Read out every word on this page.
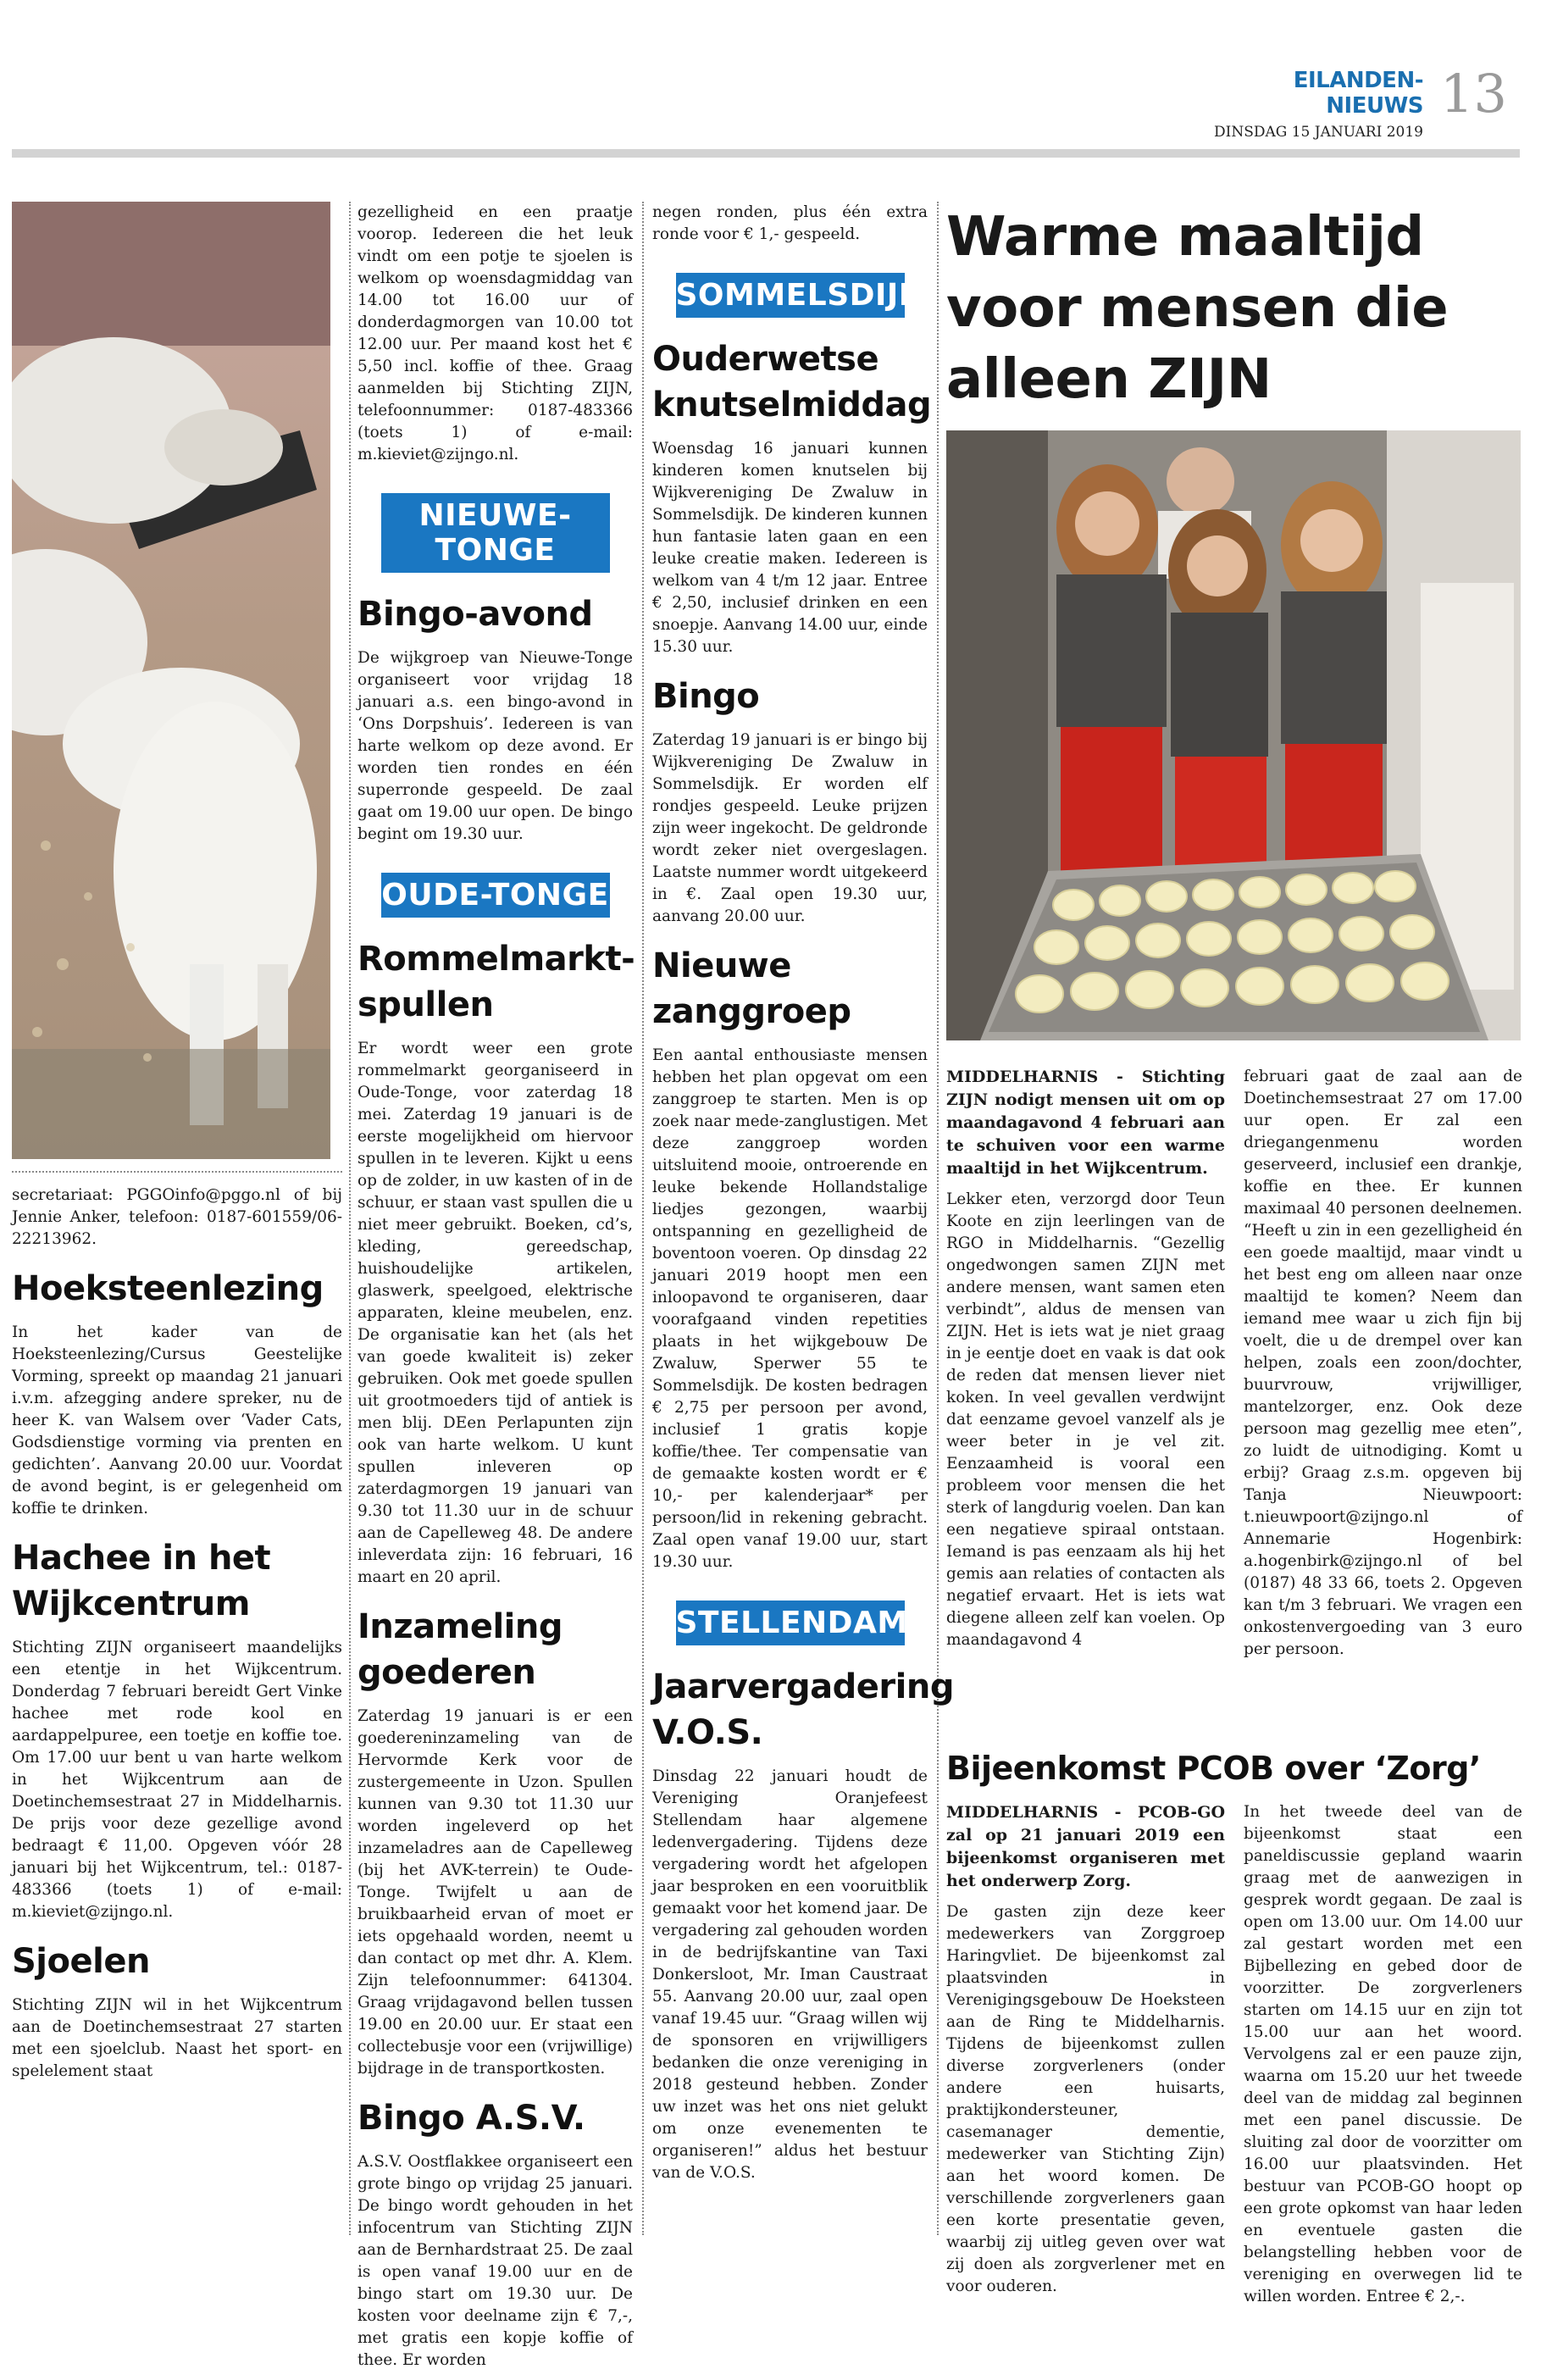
EILANDEN-NIEUWS
DINSDAG 15 JANUARI 2019
13

secretariaat: PGGOinfo@pggo.nl of bij Jennie Anker, telefoon: 0187-601559/06-22213962.

Hoeksteenlezing

In het kader van de Hoeksteenlezing/Cursus Geestelijke Vorming, spreekt op maandag 21 januari i.v.m. afzegging andere spreker, nu de heer K. van Walsem over ‘Vader Cats, Godsdienstige vorming via prenten en gedichten’. Aanvang 20.00 uur. Voordat de avond begint, is er gelegenheid om koffie te drinken.

Hachee in het Wijkcentrum

Stichting ZIJN organiseert maandelijks een etentje in het Wijkcentrum. Donderdag 7 februari bereidt Gert Vinke hachee met rode kool en aardappelpuree, een toetje en koffie toe. Om 17.00 uur bent u van harte welkom in het Wijkcentrum aan de Doetinchemsestraat 27 in Middelharnis. De prijs voor deze gezellige avond bedraagt € 11,00. Opgeven vóór 28 januari bij het Wijkcentrum, tel.: 0187- 483366 (toets 1) of e-mail: m.kieviet@zijngo.nl.

Sjoelen

Stichting ZIJN wil in het Wijkcentrum aan de Doetinchemsestraat 27 starten met een sjoelclub. Naast het sport- en spelelement staat

gezelligheid en een praatje voorop. Iedereen die het leuk vindt om een potje te sjoelen is welkom op woensdagmiddag van 14.00 tot 16.00 uur of donderdagmorgen van 10.00 tot 12.00 uur. Per maand kost het € 5,50 incl. koffie of thee. Graag aanmelden bij Stichting ZIJN, telefoonnummer: 0187-483366 (toets 1) of e-mail: m.kieviet@zijngo.nl.

NIEUWE-TONGE
Bingo-avond

De wijkgroep van Nieuwe-Tonge organiseert voor vrijdag 18 januari a.s. een bingo-avond in ‘Ons Dorpshuis’. Iedereen is van harte welkom op deze avond. Er worden tien rondes en één superronde gespeeld. De zaal gaat om 19.00 uur open. De bingo begint om 19.30 uur.

OUDE-TONGE
Rommelmarkt-spullen

Er wordt weer een grote rommelmarkt georganiseerd in Oude-Tonge, voor zaterdag 18 mei. Zaterdag 19 januari is de eerste mogelijkheid om hiervoor spullen in te leveren. Kijkt u eens op de zolder, in uw kasten of in de schuur, er staan vast spullen die u niet meer gebruikt. Boeken, cd’s, kleding, gereedschap, huishoudelijke artikelen, glaswerk, speelgoed, elektrische apparaten, kleine meubelen, enz. De organisatie kan het (als het van goede kwaliteit is) zeker gebruiken. Ook met goede spullen uit grootmoeders tijd of antiek is men blij. DEen Perlapunten zijn ook van harte welkom. U kunt spullen inleveren op zaterdagmorgen 19 januari van 9.30 tot 11.30 uur in de schuur aan de Capelleweg 48. De andere inleverdata zijn: 16 februari, 16 maart en 20 april.

Inzameling goederen

Zaterdag 19 januari is er een goedereninzameling van de Hervormde Kerk voor de zustergemeente in Uzon. Spullen kunnen van 9.30 tot 11.30 uur worden ingeleverd op het inzameladres aan de Capelleweg (bij het AVK-terrein) te Oude-Tonge. Twijfelt u aan de bruikbaarheid ervan of moet er iets opgehaald worden, neemt u dan contact op met dhr. A. Klem. Zijn telefoonnummer: 641304. Graag vrijdagavond bellen tussen 19.00 en 20.00 uur. Er staat een collectebusje voor een (vrijwillige) bijdrage in de transportkosten.

Bingo A.S.V.

A.S.V. Oostflakkee organiseert een grote bingo op vrijdag 25 januari. De bingo wordt gehouden in het infocentrum van Stichting ZIJN aan de Bernhardstraat 25. De zaal is open vanaf 19.00 uur en de bingo start om 19.30 uur. De kosten voor deelname zijn € 7,-, met gratis een kopje koffie of thee. Er worden

negen ronden, plus één extra ronde voor € 1,- gespeeld.

SOMMELSDIJK
Ouderwetse knutselmiddag

Woensdag 16 januari kunnen kinderen komen knutselen bij Wijkvereniging De Zwaluw in Sommelsdijk. De kinderen kunnen hun fantasie laten gaan en een leuke creatie maken. Iedereen is welkom van 4 t/m 12 jaar. Entree € 2,50, inclusief drinken en een snoepje. Aanvang 14.00 uur, einde 15.30 uur.

Bingo

Zaterdag 19 januari is er bingo bij Wijkvereniging De Zwaluw in Sommelsdijk. Er worden elf rondjes gespeeld. Leuke prijzen zijn weer ingekocht. De geldronde wordt zeker niet overgeslagen. Laatste nummer wordt uitgekeerd in €. Zaal open 19.30 uur, aanvang 20.00 uur.

Nieuwe zanggroep

Een aantal enthousiaste mensen hebben het plan opgevat om een zanggroep te starten. Men is op zoek naar mede-zanglustigen. Met deze zanggroep worden uitsluitend mooie, ontroerende en leuke bekende Hollandstalige liedjes gezongen, waarbij ontspanning en gezelligheid de boventoon voeren. Op dinsdag 22 januari 2019 hoopt men een inloopavond te organiseren, daar voorafgaand vinden repetities plaats in het wijkgebouw De Zwaluw, Sperwer 55 te Sommelsdijk. De kosten bedragen € 2,75 per persoon per avond, inclusief 1 gratis kopje koffie/thee. Ter compensatie van de gemaakte kosten wordt er € 10,- per kalenderjaar* per persoon/lid in rekening gebracht. Zaal open vanaf 19.00 uur, start 19.30 uur.

STELLENDAM
Jaarvergadering V.O.S.

Dinsdag 22 januari houdt de Vereniging Oranjefeest Stellendam haar algemene ledenvergadering. Tijdens deze vergadering wordt het afgelopen jaar besproken en een vooruitblik gemaakt voor het komend jaar. De vergadering zal gehouden worden in de bedrijfskantine van Taxi Donkersloot, Mr. Iman Caustraat 55. Aanvang 20.00 uur, zaal open vanaf 19.45 uur. “Graag willen wij de sponsoren en vrijwilligers bedanken die onze vereniging in 2018 gesteund hebben. Zonder uw inzet was het ons niet gelukt om onze evenementen te organiseren!” aldus het bestuur van de V.O.S.

Warme maaltijd voor mensen die alleen ZIJN

MIDDELHARNIS - Stichting ZIJN nodigt mensen uit om op maandagavond 4 februari aan te schuiven voor een warme maaltijd in het Wijkcentrum.

Lekker eten, verzorgd door Teun Koote en zijn leerlingen van de RGO in Middelharnis. “Gezellig ongedwongen samen ZIJN met andere mensen, want samen eten verbindt”, aldus de mensen van ZIJN. Het is iets wat je niet graag in je eentje doet en vaak is dat ook de reden dat mensen liever niet koken. In veel gevallen verdwijnt dat eenzame gevoel vanzelf als je weer beter in je vel zit. Eenzaamheid is vooral een probleem voor mensen die het sterk of langdurig voelen. Dan kan een negatieve spiraal ontstaan. Iemand is pas eenzaam als hij het gemis aan relaties of contacten als negatief ervaart. Het is iets wat diegene alleen zelf kan voelen. Op maandagavond 4

februari gaat de zaal aan de Doetinchemsestraat 27 om 17.00 uur open. Er zal een driegangenmenu worden geserveerd, inclusief een drankje, koffie en thee. Er kunnen maximaal 40 personen deelnemen. “Heeft u zin in een gezelligheid én een goede maaltijd, maar vindt u het best eng om alleen naar onze maaltijd te komen? Neem dan iemand mee waar u zich fijn bij voelt, die u de drempel over kan helpen, zoals een zoon/dochter, buurvrouw, vrijwilliger, mantelzorger, enz. Ook deze persoon mag gezellig mee eten”, zo luidt de uitnodiging. Komt u erbij? Graag z.s.m. opgeven bij Tanja Nieuwpoort: t.nieuwpoort@zijngo.nl of Annemarie Hogenbirk: a.hogenbirk@zijngo.nl of bel (0187) 48 33 66, toets 2. Opgeven kan t/m 3 februari. We vragen een onkostenvergoeding van 3 euro per persoon.

Bijeenkomst PCOB over ‘Zorg’

MIDDELHARNIS - PCOB-GO zal op 21 januari 2019 een bijeenkomst organiseren met het onderwerp Zorg.

De gasten zijn deze keer medewerkers van Zorggroep Haringvliet. De bijeenkomst zal plaatsvinden in Verenigingsgebouw De Hoeksteen aan de Ring te Middelharnis. Tijdens de bijeenkomst zullen diverse zorgverleners (onder andere een huisarts, praktijkondersteuner, casemanager dementie, medewerker van Stichting Zijn) aan het woord komen. De verschillende zorgverleners gaan een korte presentatie geven, waarbij zij uitleg geven over wat zij doen als zorgverlener met en voor ouderen.

In het tweede deel van de bijeenkomst staat een paneldiscussie gepland waarin graag met de aanwezigen in gesprek wordt gegaan. De zaal is open om 13.00 uur. Om 14.00 uur zal gestart worden met een Bijbellezing en gebed door de voorzitter. De zorgverleners starten om 14.15 uur en zijn tot 15.00 uur aan het woord. Vervolgens zal er een pauze zijn, waarna om 15.20 uur het tweede deel van de middag zal beginnen met een panel discussie. De sluiting zal door de voorzitter om 16.00 uur plaatsvinden. Het bestuur van PCOB-GO hoopt op een grote opkomst van haar leden en eventuele gasten die belangstelling hebben voor de vereniging en overwegen lid te willen worden. Entree € 2,-.
